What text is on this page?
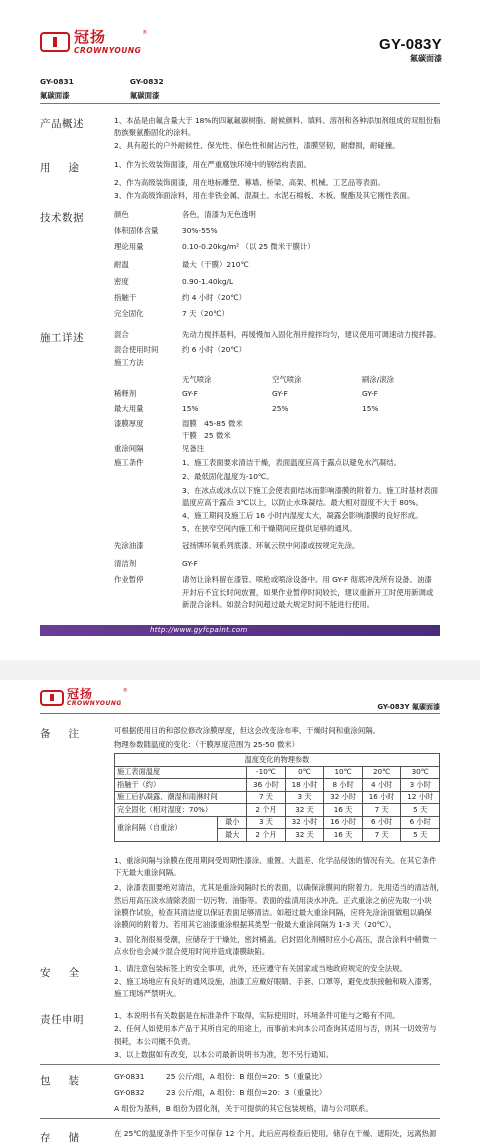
冠扬
CROWNYOUNG
®
GY-083Y
氟碳面漆
GY-0831
氟碳面漆
GY-0832
氟碳面漆
产品概述	1、本品是由氟含量大于 18%的四氟氟碳树脂、耐候颜料、填料、溶剂和各种添加剂组成的双组份脂
肪族聚氨酯固化的涂料。
2、具有超长的户外耐候性、保光性、保色性和耐沾污性，漆膜坚韧，耐磨损，耐碰撞。
用途 1、作为长效装饰面漆，用在严重腐蚀环境中的钢结构表面。
2、作为高级装饰面漆，用在地标雕塑、幕墙、桥梁、高架、机械、工艺品等表面。
3、作为高级饰面涂料，用在非铁金属、混凝土、水泥石棉板、木板、聚酯及其它刚性表面。
技术数据	颜色	各色，清漆为无色透明
体积固体含量	30%-55%
理论用量	0.10-0.20kg/m² （以 25 微米干膜计）
耐温	最大（干膜）210℃
密度	0.90-1.40kg/L
指触干	约 4 小时（20℃）
完全固化	7 天（20℃）
施工详述	混合	先动力搅拌基料，再缓慢加入固化剂并搅拌均匀，建议使用可调速动力搅拌器。
混合使用时间	约 6 小时（20℃）
施工方法
无气喷涂	空气喷涂	刷涂/滚涂
稀释剂	GY-F	GY-F	GY-F
最大用量	15%	25%	15%
漆膜厚度	湿膜　45-85 微米
干膜　25 微米
重涂间隔	见备注
施工条件	1、施工表面要求清洁干燥，表面温度应高于露点以避免水汽凝结。
2、最低固化温度为-10℃。
3、在冰点或冰点以下施工会使表面结冰而影响漆膜的附着力。施工时基材表面
温度应高于露点 3℃以上，以防止水珠凝结。最大相对湿度不大于 80%。
4、施工期间及施工后 16 小时内湿度太大，凝露会影响漆膜的良好形成。
5、在狭窄空间内施工和干燥期间应提供足够的通风。
先涂油漆	冠扬牌环氧系列底漆、环氧云铁中间漆或按规定先涂。
清洁剂	GY-F
作业暂停	请勿让涂料留在漆管、喷枪或喷涂设备中。用 GY-F 彻底冲洗所有设备。油漆
开封后不宜长时间放置，如果作业暂停时间较长，建议重新开工时使用新调或
新混合涂料。如混合时间超过最大规定时间不能进行使用。
http://www.gyfcpaint.com
冠扬
CROWNYOUNG
®
GY-083Y 氟碳面漆
备注 可根据使用目的和部位修改涂膜厚度，但这会改变涂布率、干燥时间和重涂间隔。
物理参数随温度的变化：（干膜厚度范围为 25-50 微米）
温度变化的物理参数						
施工表面温度		-10℃	0℃	10℃	20℃	30℃
指触干（约）		36 小时	18 小时	8 小时	4 小时	3 小时
施工后扒凝露、潮湿和雨淋时间		7 天	3 天	32 小时	16 小时	12 小时
完全固化（相对湿度：70%）		2 个月	32 天	16 天	7 天	5 天
重涂间隔（自重涂）	最小	3 天	32 小时	16 小时	6 小时	6 小时
	最大	2 个月	32 天	16 天	7 天	5 天
1、重涂间隔与涂膜在使用期间受周期性漆涂、重置、大温差、化学品侵蚀的情况有关。在其它条件
下无最大重涂间隔。
2、涂漆表面要绝对清洁，尤其是重涂间隔时长的表面，以确保涂膜间的附着力。先用适当的清洁剂，
然后用高压淡水清除表面一切污物、油脂等。表面的盐渍用淡水冲洗。正式重涂之前应先取一小块
涂膜作试验，检查其清洁度以保证表面足够清洁。如超过最大重涂间隔，应将先涂涂面做粗以确保
涂膜间的附着力。若用其它油漆重涂根据其类型一般最大重涂间隔为 1-3 天（20℃）。
3、固化剂很易受潮，应储存于干燥处，密封桶盖。启封固化剂桶时应小心高压，混合涂料中稍微一
点水份也会减少混合使用时间并造成漆膜缺陷。
安全 1、请注意包装标签上的安全事项，此外，还应遵守有关国家或当地政府规定的安全法规。
2、施工场地应有良好的通风设施，油漆工应戴好眼睛、手套、口罩等，避免皮肤接触和吸入漆雾，
施工现场严禁明火。
责任申明	1、本说明书有关数据是在标准条件下取得，实际使用时，环境条件可能与之略有不同。
2、任何人如使用本产品于其所自定的用途上，而事前未向本公司查询其适用与否，则其一切效劳与
损耗，本公司概不负责。
3、以上数据如有改变，以本公司最新说明书为准，恕不另行通知。
包装 GY-0831	25 公斤/组，A 组份：B 组份=20：5（重量比）
GY-0832	23 公斤/组，A 组份：B 组份=20：3（重量比）
A 组份为基料，B 组份为固化剂，关于可提供的其它包装规格，请与公司联系。
存储 在 25℃的温度条件下至少可保存 12 个月。此后应再检查后使用。储存在干燥、遮阳处，远离热源
